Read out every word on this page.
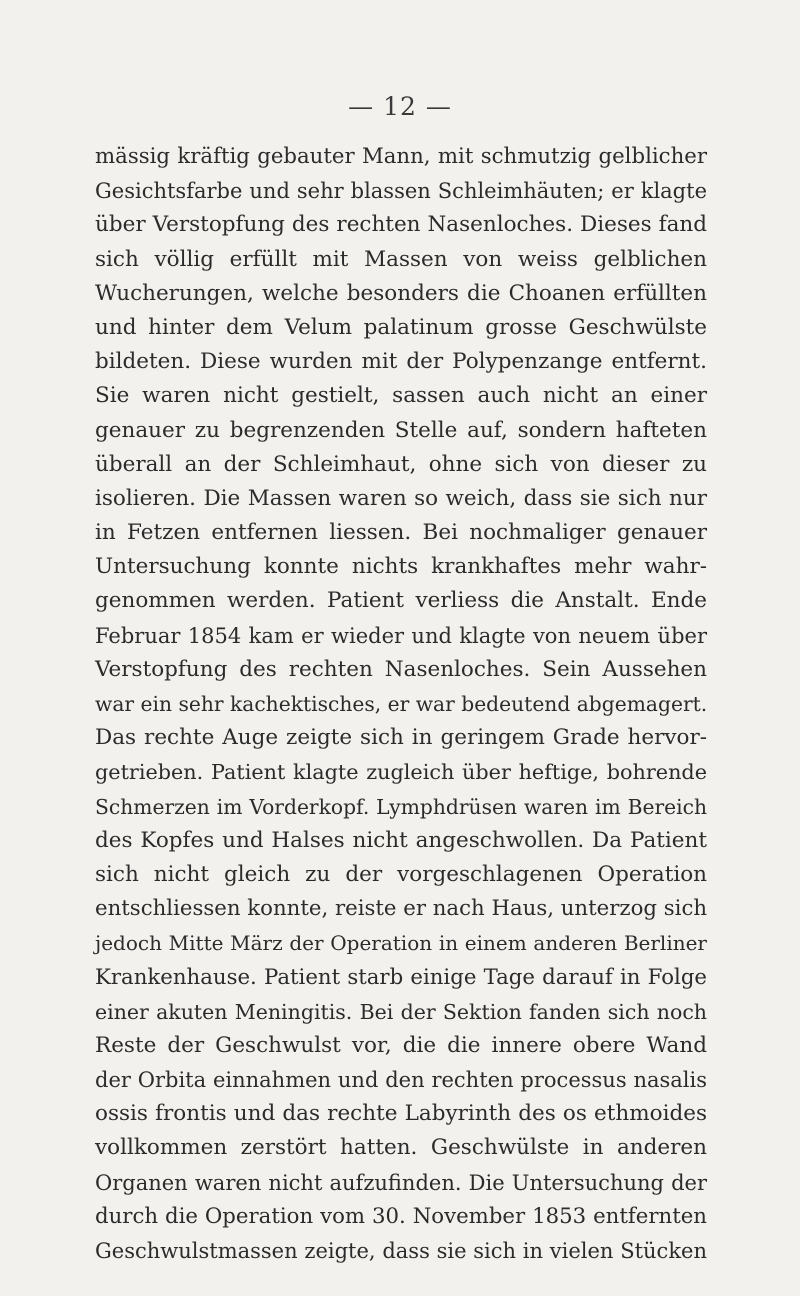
— 12 —
mässig kräftig gebauter Mann, mit schmutzig gelblicher
Gesichtsfarbe und sehr blassen Schleimhäuten; er klagte
über Verstopfung des rechten Nasenloches. Dieses fand
sich völlig erfüllt mit Massen von weiss gelblichen
Wucherungen, welche besonders die Choanen erfüllten
und hinter dem Velum palatinum grosse Geschwülste
bildeten. Diese wurden mit der Polypenzange entfernt.
Sie waren nicht gestielt, sassen auch nicht an einer
genauer zu begrenzenden Stelle auf, sondern hafteten
überall an der Schleimhaut, ohne sich von dieser zu
isolieren. Die Massen waren so weich, dass sie sich nur
in Fetzen entfernen liessen. Bei nochmaliger genauer
Untersuchung konnte nichts krankhaftes mehr wahr-
genommen werden. Patient verliess die Anstalt. Ende
Februar 1854 kam er wieder und klagte von neuem über
Verstopfung des rechten Nasenloches. Sein Aussehen
war ein sehr kachektisches, er war bedeutend abgemagert.
Das rechte Auge zeigte sich in geringem Grade hervor-
getrieben. Patient klagte zugleich über heftige, bohrende
Schmerzen im Vorderkopf. Lymphdrüsen waren im Bereich
des Kopfes und Halses nicht angeschwollen. Da Patient
sich nicht gleich zu der vorgeschlagenen Operation
entschliessen konnte, reiste er nach Haus, unterzog sich
jedoch Mitte März der Operation in einem anderen Berliner
Krankenhause. Patient starb einige Tage darauf in Folge
einer akuten Meningitis. Bei der Sektion fanden sich noch
Reste der Geschwulst vor, die die innere obere Wand
der Orbita einnahmen und den rechten processus nasalis
ossis frontis und das rechte Labyrinth des os ethmoides
vollkommen zerstört hatten. Geschwülste in anderen
Organen waren nicht aufzufinden. Die Untersuchung der
durch die Operation vom 30. November 1853 entfernten
Geschwulstmassen zeigte, dass sie sich in vielen Stücken
